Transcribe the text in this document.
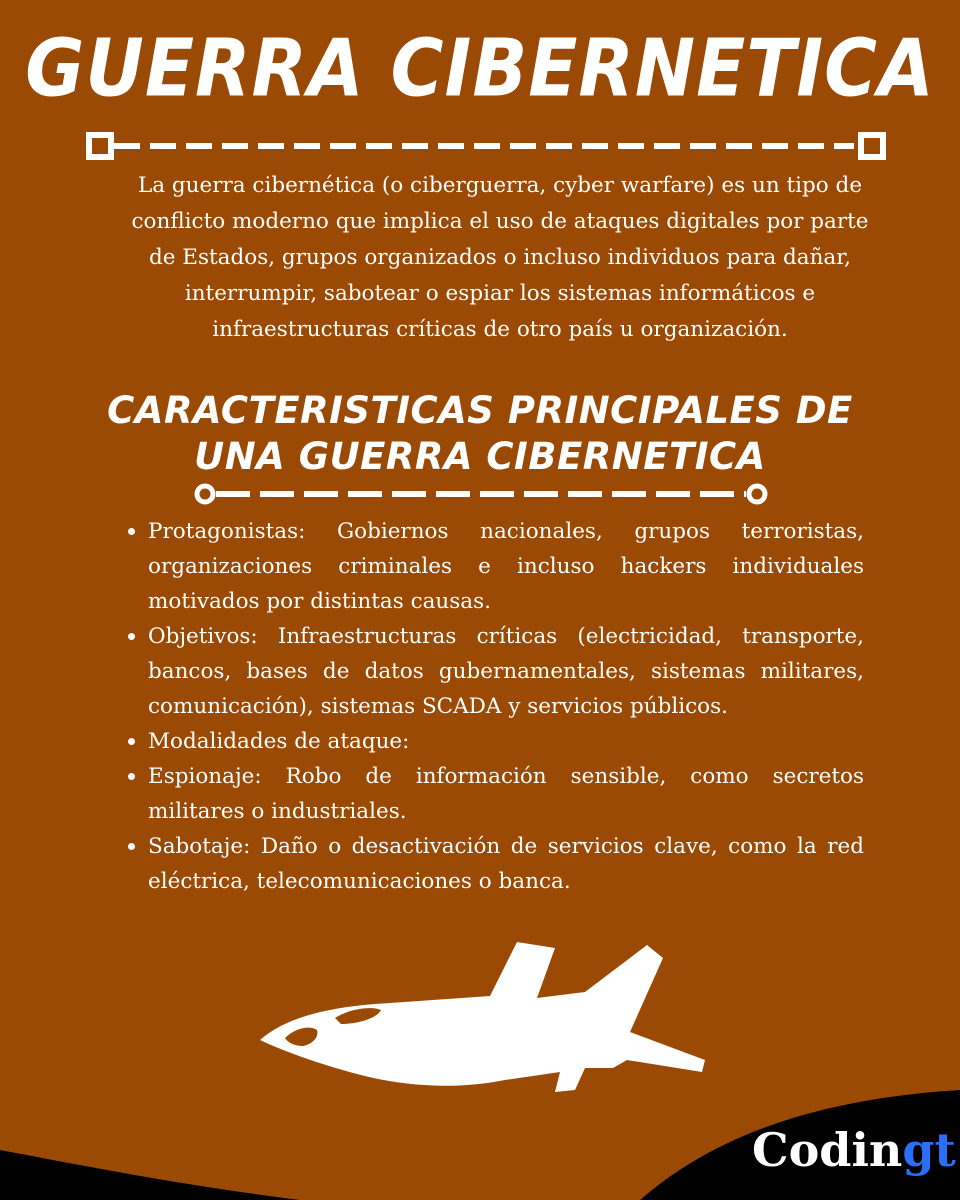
GUERRA CIBERNETICA
La guerra cibernética (o ciberguerra, cyber warfare) es un tipo de conflicto moderno que implica el uso de ataques digitales por parte de Estados, grupos organizados o incluso individuos para dañar, interrumpir, sabotear o espiar los sistemas informáticos e infraestructuras críticas de otro país u organización.
CARACTERISTICAS PRINCIPALES DE
UNA GUERRA CIBERNETICA
Protagonistas: Gobiernos nacionales, grupos terroristas, organizaciones criminales e incluso hackers individuales motivados por distintas causas.
Objetivos: Infraestructuras críticas (electricidad, transporte, bancos, bases de datos gubernamentales, sistemas militares, comunicación), sistemas SCADA y servicios públicos.
Modalidades de ataque:
Espionaje: Robo de información sensible, como secretos militares o industriales.
Sabotaje: Daño o desactivación de servicios clave, como la red eléctrica, telecomunicaciones o banca.
Codingt
